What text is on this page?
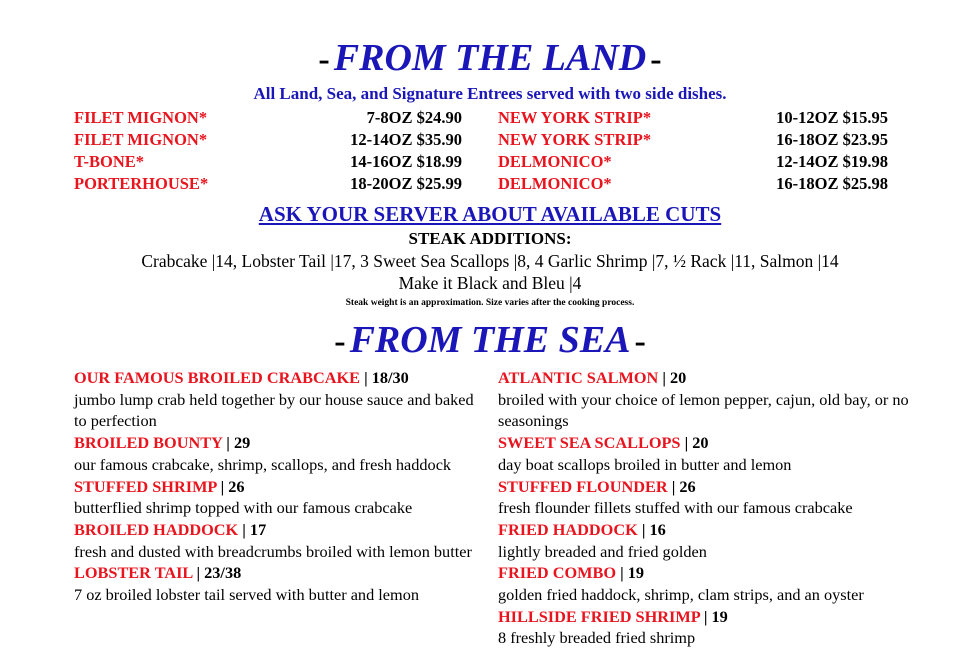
- FROM THE LAND -
All Land, Sea, and Signature Entrees served with two side dishes.
FILET MIGNON*	7-8OZ $24.90
FILET MIGNON*	12-14OZ $35.90
T-BONE*	14-16OZ $18.99
PORTERHOUSE*	18-20OZ $25.99
NEW YORK STRIP*	10-12OZ $15.95
NEW YORK STRIP*	16-18OZ $23.95
DELMONICO*	12-14OZ $19.98
DELMONICO*	16-18OZ $25.98
ASK YOUR SERVER ABOUT AVAILABLE CUTS
STEAK ADDITIONS:
Crabcake |14, Lobster Tail |17, 3 Sweet Sea Scallops |8, 4 Garlic Shrimp |7, ½ Rack |11, Salmon |14
Make it Black and Bleu |4
Steak weight is an approximation. Size varies after the cooking process.
- FROM THE SEA -
OUR FAMOUS BROILED CRABCAKE | 18/30
jumbo lump crab held together by our house sauce and baked to perfection
BROILED BOUNTY | 29
our famous crabcake, shrimp, scallops, and fresh haddock
STUFFED SHRIMP | 26
butterflied shrimp topped with our famous crabcake
BROILED HADDOCK | 17
fresh and dusted with breadcrumbs broiled with lemon butter
LOBSTER TAIL | 23/38
7 oz broiled lobster tail served with butter and lemon
ATLANTIC SALMON | 20
broiled with your choice of lemon pepper, cajun, old bay, or no seasonings
SWEET SEA SCALLOPS | 20
day boat scallops broiled in butter and lemon
STUFFED FLOUNDER | 26
fresh flounder fillets stuffed with our famous crabcake
FRIED HADDOCK | 16
lightly breaded and fried golden
FRIED COMBO | 19
golden fried haddock, shrimp, clam strips, and an oyster
HILLSIDE FRIED SHRIMP | 19
8 freshly breaded fried shrimp
